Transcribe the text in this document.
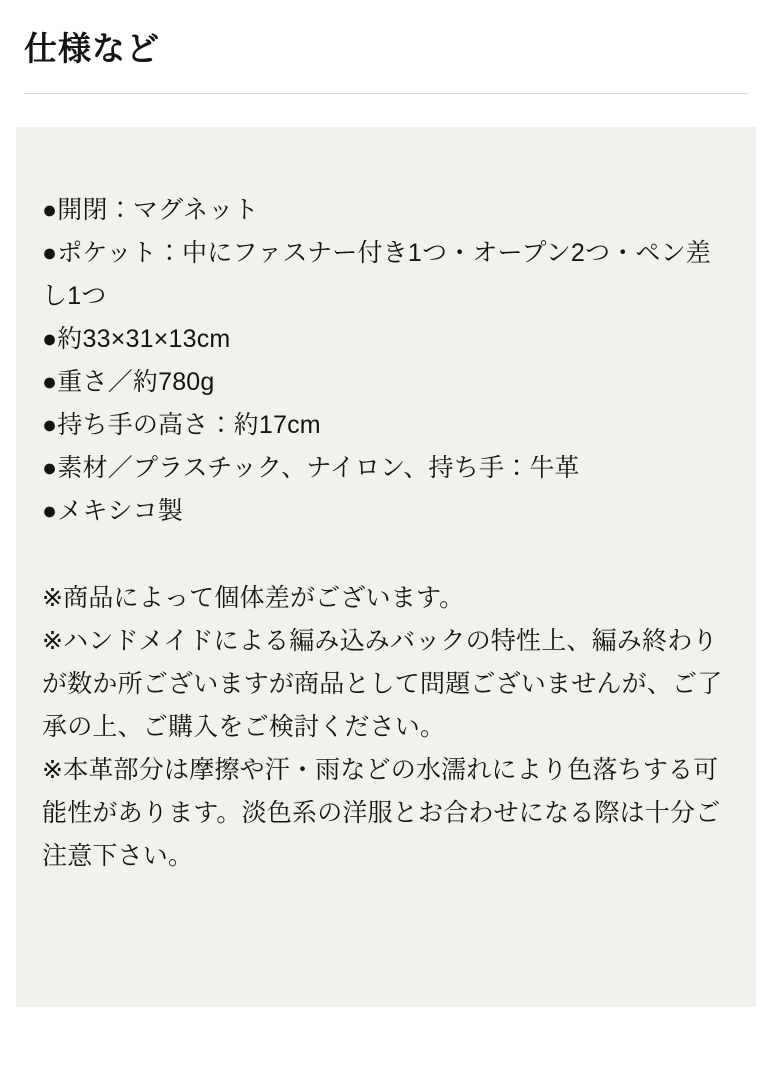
仕様など
●開閉：マグネット
●ポケット：中にファスナー付き1つ・オープン2つ・ペン差し1つ
●約33×31×13cm
●重さ／約780g
●持ち手の高さ：約17cm
●素材／プラスチック、ナイロン、持ち手：牛革
●メキシコ製

※商品によって個体差がございます。

※ハンドメイドによる編み込みバックの特性上、編み終わりが数か所ございますが商品として問題ございませんが、ご了承の上、ご購入をご検討ください。

※本革部分は摩擦や汗・雨などの水濡れにより色落ちする可能性があります。淡色系の洋服とお合わせになる際は十分ご注意下さい。
